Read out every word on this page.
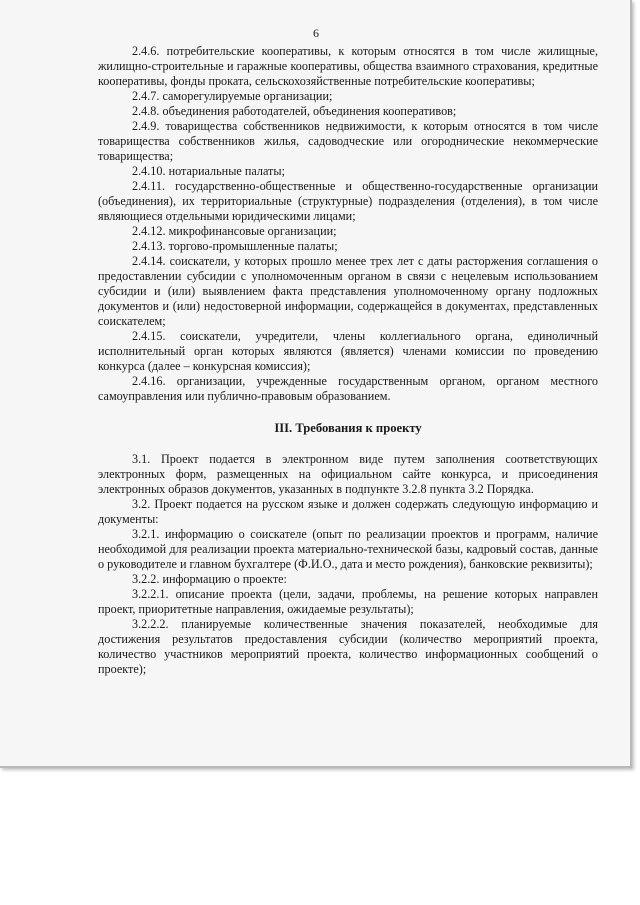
6

2.4.6. потребительские кооперативы, к которым относятся в том числе жилищные, жилищно-строительные и гаражные кооперативы, общества взаимного страхования, кредитные кооперативы, фонды проката, сельскохозяйственные потребительские кооперативы;

2.4.7. саморегулируемые организации;

2.4.8. объединения работодателей, объединения кооперативов;

2.4.9. товарищества собственников недвижимости, к которым относятся в том числе товарищества собственников жилья, садоводческие или огороднические некоммерческие товарищества;

2.4.10. нотариальные палаты;

2.4.11. государственно-общественные и общественно-государственные организации (объединения), их территориальные (структурные) подразделения (отделения), в том числе являющиеся отдельными юридическими лицами;

2.4.12. микрофинансовые организации;

2.4.13. торгово-промышленные палаты;

2.4.14. соискатели, у которых прошло менее трех лет с даты расторжения соглашения о предоставлении субсидии с уполномоченным органом в связи с нецелевым использованием субсидии и (или) выявлением факта представления уполномоченному органу подложных документов и (или) недостоверной информации, содержащейся в документах, представленных соискателем;

2.4.15. соискатели, учредители, члены коллегиального органа, единоличный исполнительный орган которых являются (является) членами комиссии по проведению конкурса (далее – конкурсная комиссия);

2.4.16. организации, учрежденные государственным органом, органом местного самоуправления или публично-правовым образованием.

III. Требования к проекту

3.1. Проект подается в электронном виде путем заполнения соответствующих электронных форм, размещенных на официальном сайте конкурса, и присоединения электронных образов документов, указанных в подпункте 3.2.8 пункта 3.2 Порядка.

3.2. Проект подается на русском языке и должен содержать следующую информацию и документы:

3.2.1. информацию о соискателе (опыт по реализации проектов и программ, наличие необходимой для реализации проекта материально-технической базы, кадровый состав, данные о руководителе и главном бухгалтере (Ф.И.О., дата и место рождения), банковские реквизиты);

3.2.2. информацию о проекте:

3.2.2.1. описание проекта (цели, задачи, проблемы, на решение которых направлен проект, приоритетные направления, ожидаемые результаты);

3.2.2.2. планируемые количественные значения показателей, необходимые для достижения результатов предоставления субсидии (количество мероприятий проекта, количество участников мероприятий проекта, количество информационных сообщений о проекте);
